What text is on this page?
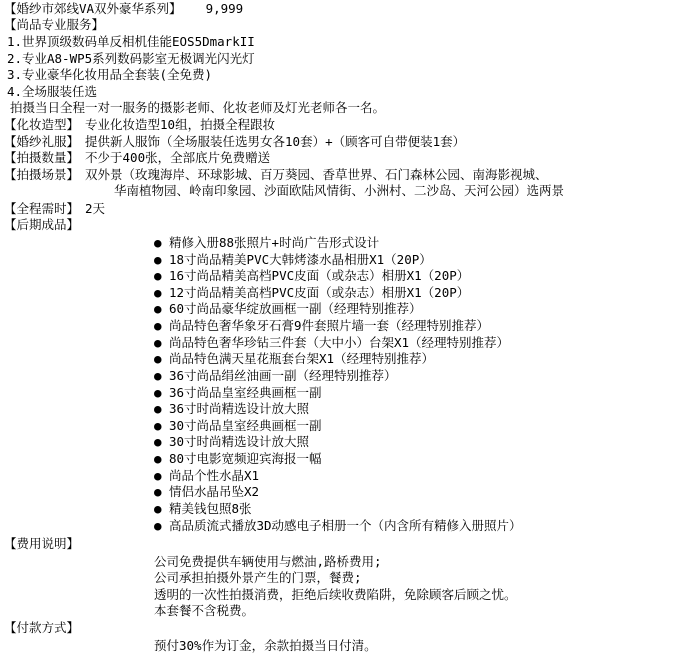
【婚纱市郊线VA双外豪华系列】 9,999
【尚品专业服务】
1.世界顶级数码单反相机佳能EOS5DmarkII
2.专业A8-WP5系列数码影室无极调光闪光灯
3.专业豪华化妆用品全套装(全免费)
4.全场服装任选
拍摄当日全程一对一服务的摄影老师、化妆老师及灯光老师各一名。
【化妆造型】 专业化妆造型10组，拍摄全程跟妆
【婚纱礼服】 提供新人服饰（全场服装任选男女各10套）+（顾客可自带便装1套）
【拍摄数量】 不少于400张，全部底片免费赠送
【拍摄场景】 双外景（玫瑰海岸、环球影城、百万葵园、香草世界、石门森林公园、南海影视城、
华南植物园、岭南印象园、沙面欧陆风情街、小洲村、二沙岛、天河公园）选两景
【全程需时】 2天
【后期成品】
● 精修入册88张照片+时尚广告形式设计
● 18寸尚品精美PVC大韩烤漆水晶相册X1（20P）
● 16寸尚品精美高档PVC皮面（或杂志）相册X1（20P）
● 12寸尚品精美高档PVC皮面（或杂志）相册X1（20P）
● 60寸尚品豪华绽放画框一副（经理特别推荐）
● 尚品特色奢华象牙石膏9件套照片墙一套（经理特别推荐）
● 尚品特色奢华珍钻三件套（大中小）台架X1（经理特别推荐）
● 尚品特色满天星花瓶套台架X1（经理特别推荐）
● 36寸尚品绢丝油画一副（经理特别推荐）
● 36寸尚品皇室经典画框一副
● 36寸时尚精选设计放大照
● 30寸尚品皇室经典画框一副
● 30寸时尚精选设计放大照
● 80寸电影宽频迎宾海报一幅
● 尚品个性水晶X1
● 情侣水晶吊坠X2
● 精美钱包照8张
● 高品质流式播放3D动感电子相册一个（内含所有精修入册照片）
【费用说明】
公司免费提供车辆使用与燃油,路桥费用;
公司承担拍摄外景产生的门票，餐费;
透明的一次性拍摄消费，拒绝后续收费陷阱，免除顾客后顾之忧。
本套餐不含税费。
【付款方式】
预付30%作为订金，余款拍摄当日付清。
